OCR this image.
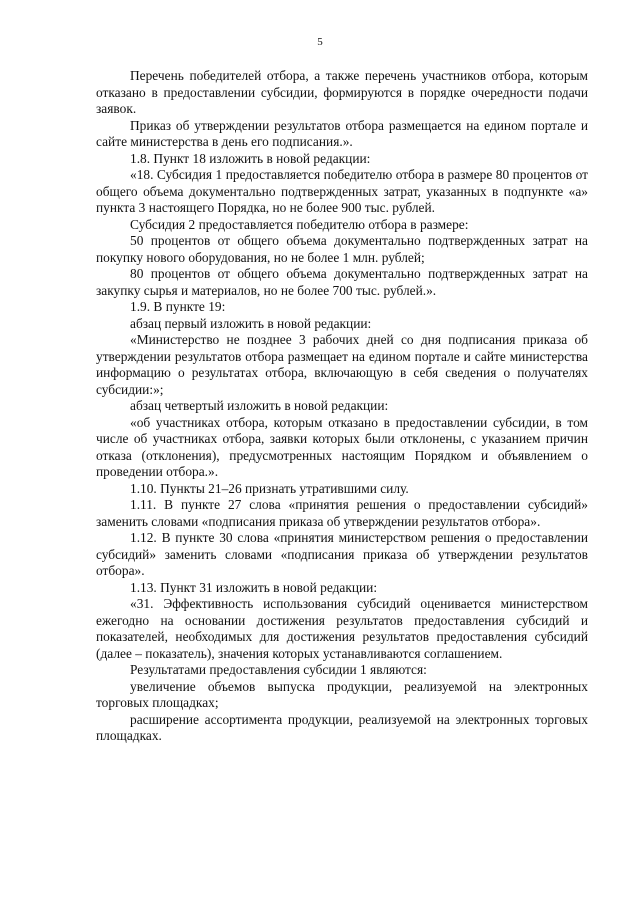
5

Перечень победителей отбора, а также перечень участников отбора, которым отказано в предоставлении субсидии, формируются в порядке очередности подачи заявок.

Приказ об утверждении результатов отбора размещается на едином портале и сайте министерства в день его подписания.».

1.8. Пункт 18 изложить в новой редакции:

«18. Субсидия 1 предоставляется победителю отбора в размере 80 процентов от общего объема документально подтвержденных затрат, указанных в подпункте «а» пункта 3 настоящего Порядка, но не более 900 тыс. рублей.

Субсидия 2 предоставляется победителю отбора в размере:

50 процентов от общего объема документально подтвержденных затрат на покупку нового оборудования, но не более 1 млн. рублей;

80 процентов от общего объема документально подтвержденных затрат на закупку сырья и материалов, но не более 700 тыс. рублей.».

1.9. В пункте 19:

абзац первый изложить в новой редакции:

«Министерство не позднее 3 рабочих дней со дня подписания приказа об утверждении результатов отбора размещает на едином портале и сайте министерства информацию о результатах отбора, включающую в себя сведения о получателях субсидии:»;

абзац четвертый изложить в новой редакции:

«об участниках отбора, которым отказано в предоставлении субсидии, в том числе об участниках отбора, заявки которых были отклонены, с указанием причин отказа (отклонения), предусмотренных настоящим Порядком и объявлением о проведении отбора.».

1.10. Пункты 21–26 признать утратившими силу.

1.11. В пункте 27 слова «принятия решения о предоставлении субсидий» заменить словами «подписания приказа об утверждении результатов отбора».

1.12. В пункте 30 слова «принятия министерством решения о предоставлении субсидий» заменить словами «подписания приказа об утверждении результатов отбора».

1.13. Пункт 31 изложить в новой редакции:

«31. Эффективность использования субсидий оценивается министерством ежегодно на основании достижения результатов предоставления субсидий и показателей, необходимых для достижения результатов предоставления субсидий (далее – показатель), значения которых устанавливаются соглашением.

Результатами предоставления субсидии 1 являются:

увеличение объемов выпуска продукции, реализуемой на электронных торговых площадках;

расширение ассортимента продукции, реализуемой на электронных торговых площадках.
